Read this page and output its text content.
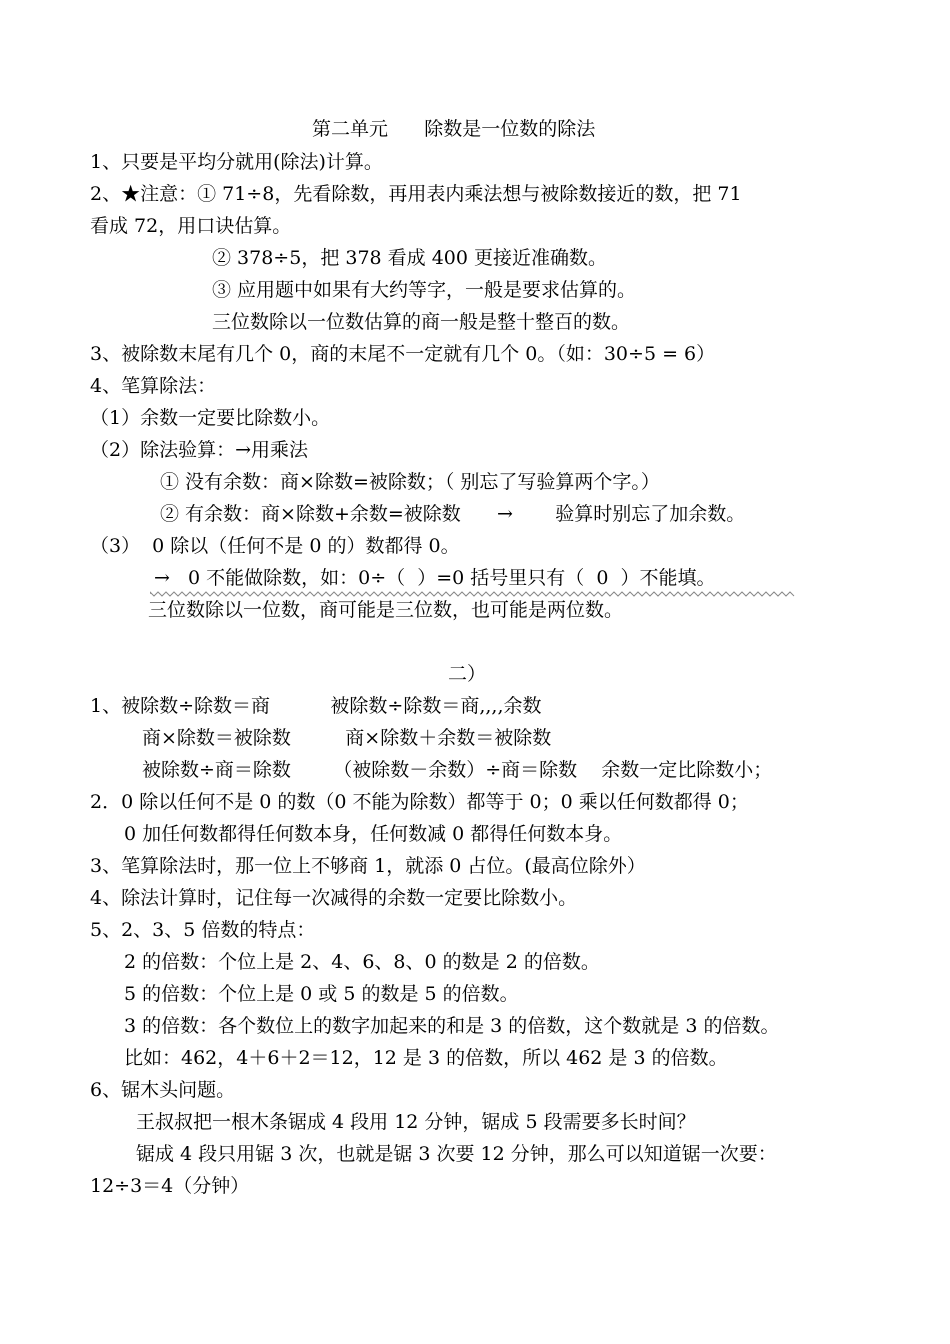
第二单元      除数是一位数的除法
1、只要是平均分就用(除法)计算。
2、★注意：① 71÷8，先看除数，再用表内乘法想与被除数接近的数，把 71
看成 72，用口诀估算。
② 378÷5，把 378 看成 400 更接近准确数。
③ 应用题中如果有大约等字，一般是要求估算的。
三位数除以一位数估算的商一般是整十整百的数。
3、被除数末尾有几个 0，商的末尾不一定就有几个 0。（如：30÷5 = 6）
4、笔算除法：
（1）余数一定要比除数小。
（2）除法验算：→用乘法
① 没有余数：商×除数=被除数；（ 别忘了写验算两个字。）
② 有余数：商×除数+余数=被除数      →       验算时别忘了加余数。
（3）  0 除以（任何不是 0 的）数都得 0。
→   0 不能做除数，如：0÷（  ）=0 括号里只有（  0  ）不能填。
三位数除以一位数，商可能是三位数，也可能是两位数。
二）
1、被除数÷除数＝商          被除数÷除数＝商,,,,余数
商×除数＝被除数         商×除数＋余数＝被除数
被除数÷商＝除数       （被除数－余数）÷商＝除数    余数一定比除数小；
2．0 除以任何不是 0 的数（0 不能为除数）都等于 0；0 乘以任何数都得 0；
0 加任何数都得任何数本身，任何数减 0 都得任何数本身。
3、笔算除法时，那一位上不够商 1，就添 0 占位。(最高位除外）
4、除法计算时，记住每一次减得的余数一定要比除数小。
5、2、3、5 倍数的特点：
2 的倍数：个位上是 2、4、6、8、0 的数是 2 的倍数。
5 的倍数：个位上是 0 或 5 的数是 5 的倍数。
3 的倍数：各个数位上的数字加起来的和是 3 的倍数，这个数就是 3 的倍数。
比如：462，4＋6＋2＝12，12 是 3 的倍数，所以 462 是 3 的倍数。
6、锯木头问题。
王叔叔把一根木条锯成 4 段用 12 分钟，锯成 5 段需要多长时间？
锯成 4 段只用锯 3 次，也就是锯 3 次要 12 分钟，那么可以知道锯一次要：
12÷3＝4（分钟）
